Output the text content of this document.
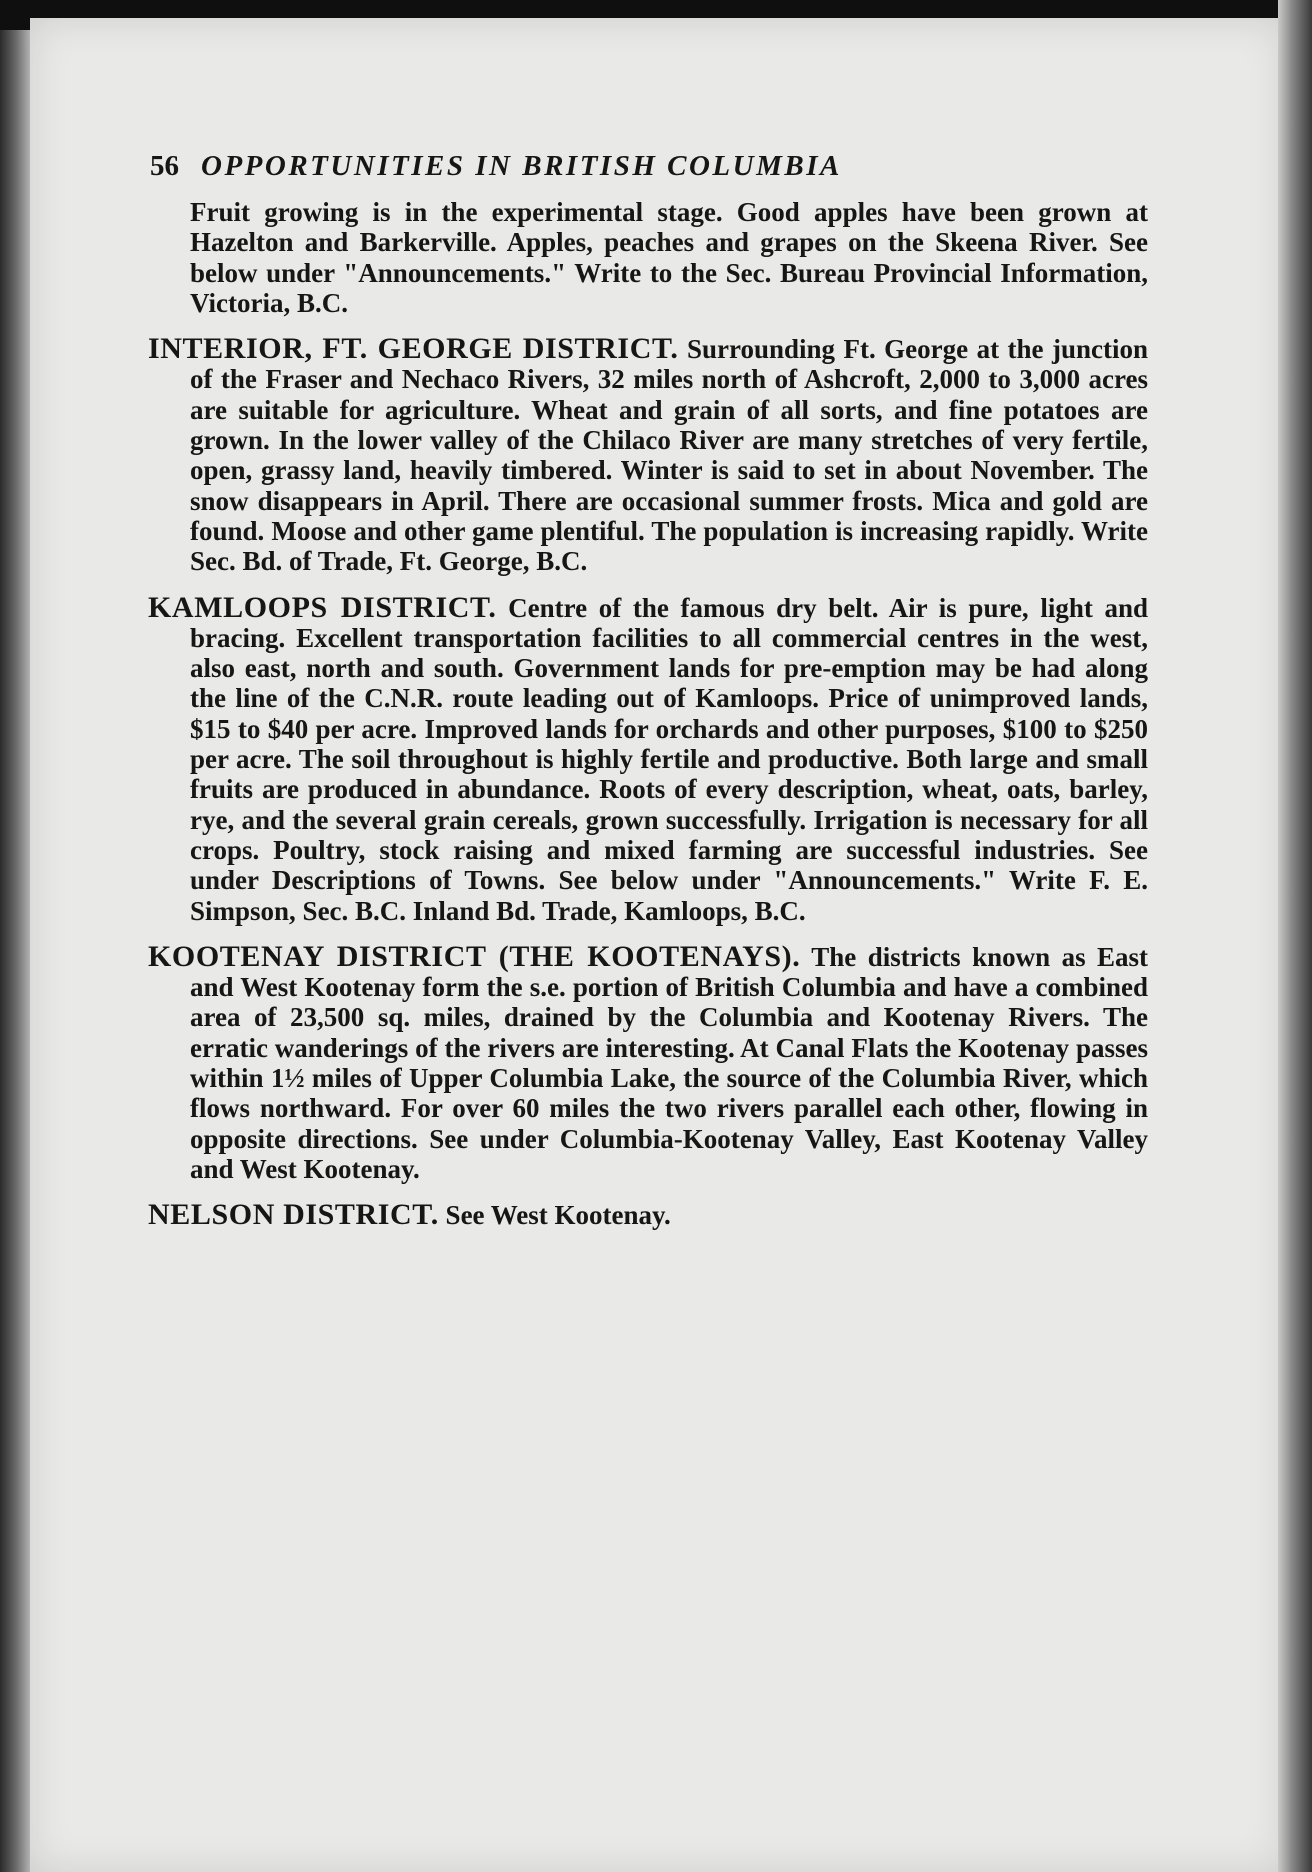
56 OPPORTUNITIES IN BRITISH COLUMBIA

Fruit growing is in the experimental stage. Good apples have been grown at Hazelton and Barkerville. Apples, peaches and grapes on the Skeena River. See below under "Announcements." Write to the Sec. Bureau Provincial Information, Victoria, B.C.

INTERIOR, FT. GEORGE DISTRICT. Surrounding Ft. George at the junction of the Fraser and Nechaco Rivers, 32 miles north of Ashcroft, 2,000 to 3,000 acres are suitable for agriculture. Wheat and grain of all sorts, and fine potatoes are grown. In the lower valley of the Chilaco River are many stretches of very fertile, open, grassy land, heavily timbered. Winter is said to set in about November. The snow disappears in April. There are occasional summer frosts. Mica and gold are found. Moose and other game plentiful. The population is increasing rapidly. Write Sec. Bd. of Trade, Ft. George, B.C.

KAMLOOPS DISTRICT. Centre of the famous dry belt. Air is pure, light and bracing. Excellent transportation facilities to all commercial centres in the west, also east, north and south. Government lands for pre-emption may be had along the line of the C.N.R. route leading out of Kamloops. Price of unimproved lands, $15 to $40 per acre. Improved lands for orchards and other purposes, $100 to $250 per acre. The soil throughout is highly fertile and productive. Both large and small fruits are produced in abundance. Roots of every description, wheat, oats, barley, rye, and the several grain cereals, grown successfully. Irrigation is necessary for all crops. Poultry, stock raising and mixed farming are successful industries. See under Descriptions of Towns. See below under "Announcements." Write F. E. Simpson, Sec. B.C. Inland Bd. Trade, Kamloops, B.C.

KOOTENAY DISTRICT (THE KOOTENAYS). The districts known as East and West Kootenay form the s.e. portion of British Columbia and have a combined area of 23,500 sq. miles, drained by the Columbia and Kootenay Rivers. The erratic wanderings of the rivers are interesting. At Canal Flats the Kootenay passes within 1½ miles of Upper Columbia Lake, the source of the Columbia River, which flows northward. For over 60 miles the two rivers parallel each other, flowing in opposite directions. See under Columbia-Kootenay Valley, East Kootenay Valley and West Kootenay.

NELSON DISTRICT. See West Kootenay.
